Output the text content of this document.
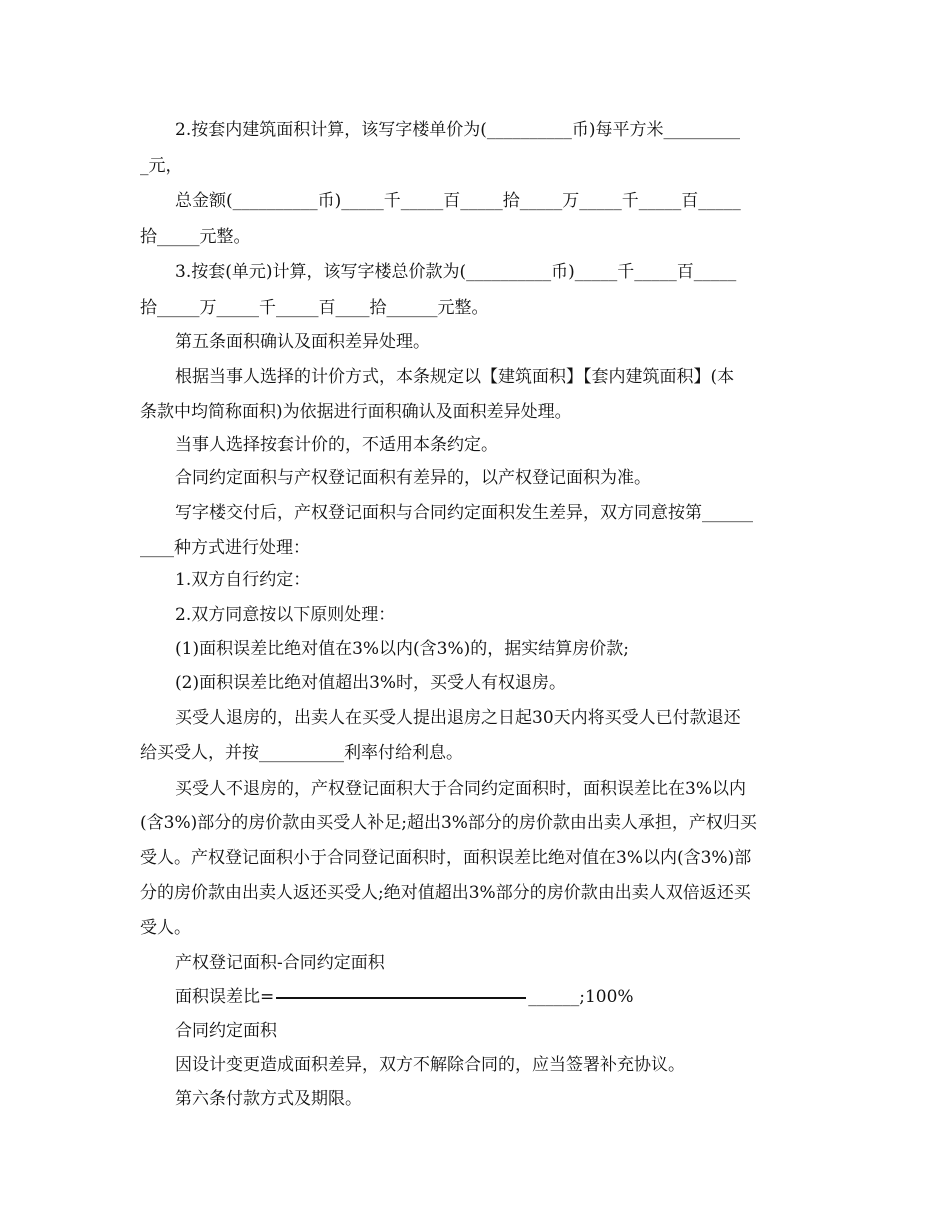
2.按套内建筑面积计算，该写字楼单价为(__________币)每平方米_________
_元，
总金额(__________币)_____千_____百_____拾_____万_____千_____百_____
拾_____元整。
3.按套(单元)计算，该写字楼总价款为(__________币)_____千_____百_____
拾_____万_____千_____百____拾______元整。
第五条面积确认及面积差异处理。
根据当事人选择的计价方式，本条规定以【建筑面积】【套内建筑面积】(本
条款中均简称面积)为依据进行面积确认及面积差异处理。
当事人选择按套计价的，不适用本条约定。
合同约定面积与产权登记面积有差异的，以产权登记面积为准。
写字楼交付后，产权登记面积与合同约定面积发生差异，双方同意按第______
____种方式进行处理：
1.双方自行约定：
2.双方同意按以下原则处理：
(1)面积误差比绝对值在3%以内(含3%)的，据实结算房价款;
(2)面积误差比绝对值超出3%时，买受人有权退房。
买受人退房的，出卖人在买受人提出退房之日起30天内将买受人已付款退还
给买受人，并按__________利率付给利息。
买受人不退房的，产权登记面积大于合同约定面积时，面积误差比在3%以内
(含3%)部分的房价款由买受人补足;超出3%部分的房价款由出卖人承担，产权归买
受人。产权登记面积小于合同登记面积时，面积误差比绝对值在3%以内(含3%)部
分的房价款由出卖人返还买受人;绝对值超出3%部分的房价款由出卖人双倍返还买
受人。
产权登记面积-合同约定面积
面积误差比=	______;100%
合同约定面积
因设计变更造成面积差异，双方不解除合同的，应当签署补充协议。
第六条付款方式及期限。
